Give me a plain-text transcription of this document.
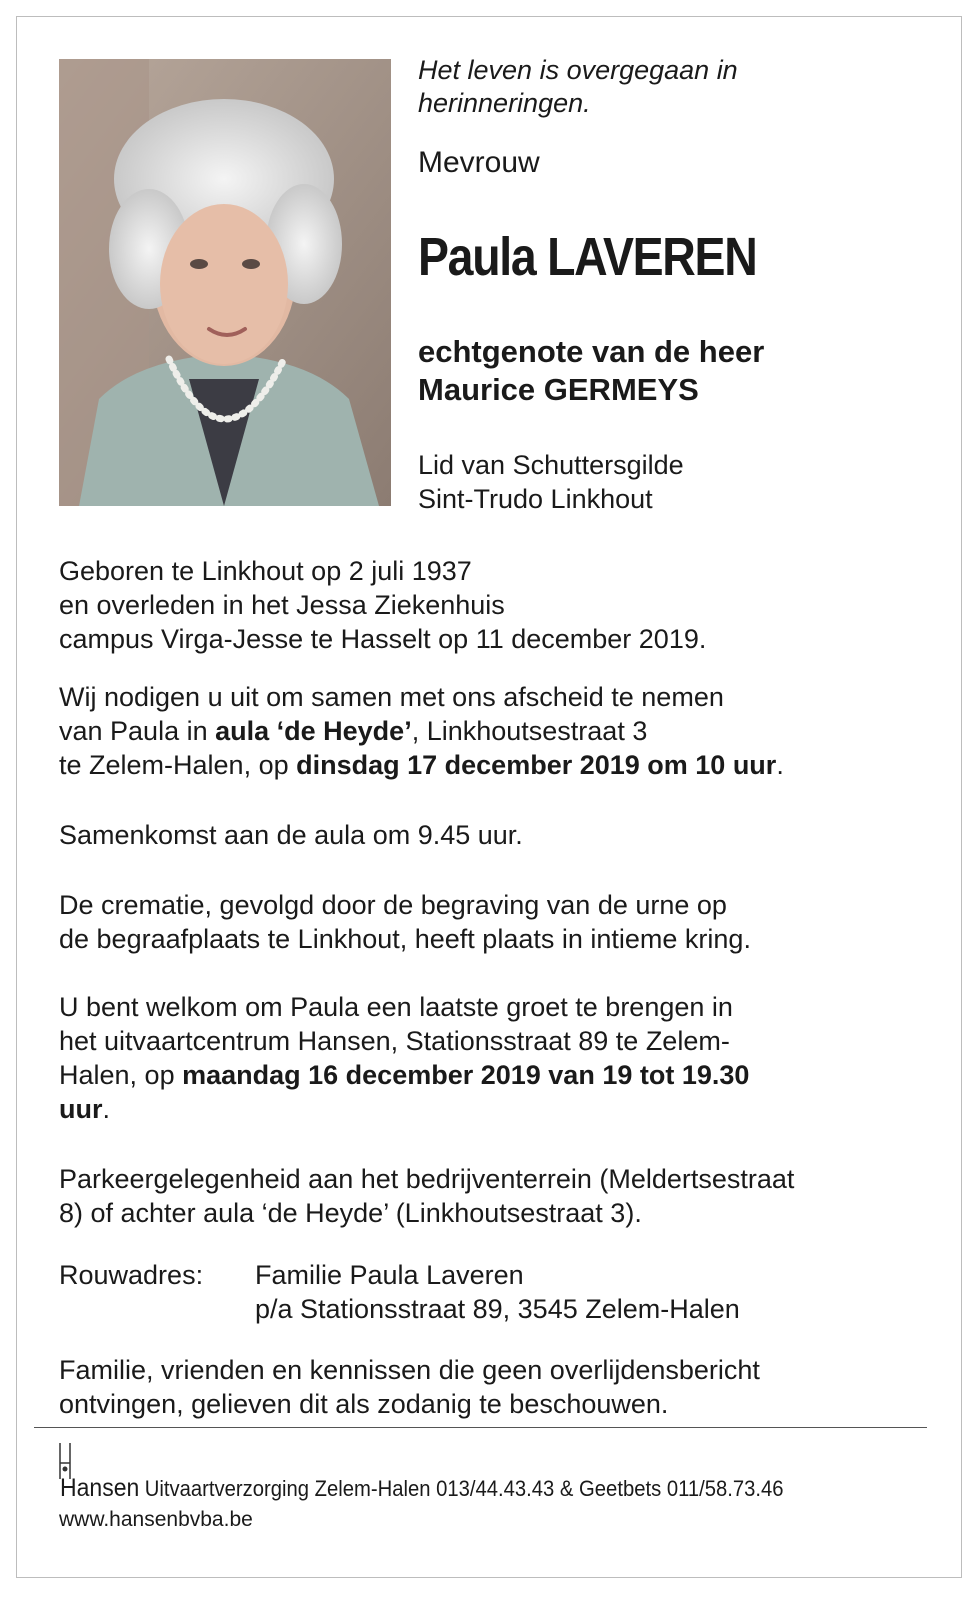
Het leven is overgegaan in
herinneringen.

Mevrouw

Paula LAVEREN

echtgenote van de heer
Maurice GERMEYS

Lid van Schuttersgilde
Sint-Trudo Linkhout

Geboren te Linkhout op 2 juli 1937
en overleden in het Jessa Ziekenhuis
campus Virga-Jesse te Hasselt op 11 december 2019.

Wij nodigen u uit om samen met ons afscheid te nemen
van Paula in aula ‘de Heyde’, Linkhoutsestraat 3
te Zelem-Halen, op dinsdag 17 december 2019 om 10 uur.

Samenkomst aan de aula om 9.45 uur.

De crematie, gevolgd door de begraving van de urne op
de begraafplaats te Linkhout, heeft plaats in intieme kring.

U bent welkom om Paula een laatste groet te brengen in
het uitvaartcentrum Hansen, Stationsstraat 89 te Zelem-
Halen, op maandag 16 december 2019 van 19 tot 19.30
uur.

Parkeergelegenheid aan het bedrijventerrein (Meldertsestraat
8) of achter aula ‘de Heyde’ (Linkhoutsestraat 3).

Rouwadres:	Familie Paula Laveren
p/a Stationsstraat 89, 3545 Zelem-Halen

Familie, vrienden en kennissen die geen overlijdensbericht
ontvingen, gelieven dit als zodanig te beschouwen.

Hansen Uitvaartverzorging Zelem-Halen 013/44.43.43 & Geetbets 011/58.73.46
www.hansenbvba.be
